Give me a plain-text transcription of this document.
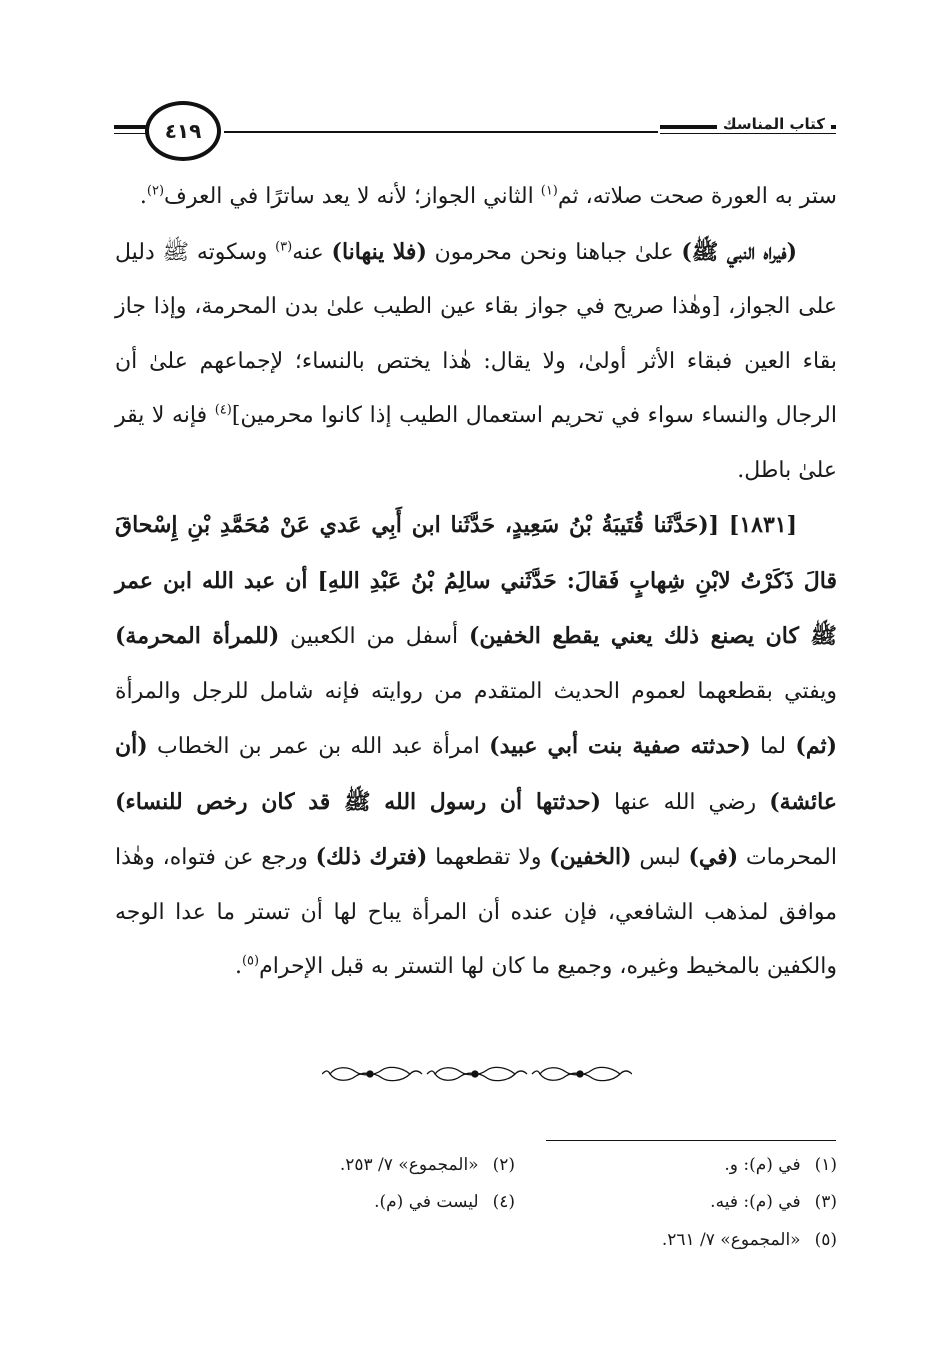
كتاب المناسك
٤١٩

ستر به العورة صحت صلاته، ثم$^{(١)}$ الثاني الجواز؛ لأنه لا يعد ساترًا في العرف$^{(٢)}$.

(فيراه النبي ﷺ) علىٰ جباهنا ونحن محرمون (فلا ينهانا) عنه$^{(٣)}$ وسكوته ﷺ دليل على الجواز، [وهٰذا صريح في جواز بقاء عين الطيب علىٰ بدن المحرمة، وإذا جاز بقاء العين فبقاء الأثر أولىٰ، ولا يقال: هٰذا يختص بالنساء؛ لإجماعهم علىٰ أن الرجال والنساء سواء في تحريم استعمال الطيب إذا كانوا محرمين]$^{(٤)}$ فإنه لا يقر علىٰ باطل.

[١٨٣١] [(حَدَّثَنا قُتَيبَةُ بْنُ سَعِيدٍ، حَدَّثَنا ابن أَبِي عَدي عَنْ مُحَمَّدِ بْنِ إِسْحاقَ قالَ ذَكَرْتُ لابْنِ شِهابٍ فَقالَ: حَدَّثَني سالِمُ بْنُ عَبْدِ اللهِ] أن عبد الله ابن عمر ﷺ كان يصنع ذلك يعني يقطع الخفين) أسفل من الكعبين (للمرأة المحرمة) ويفتي بقطعهما لعموم الحديث المتقدم من روايته فإنه شامل للرجل والمرأة (ثم) لما (حدثته صفية بنت أبي عبيد) امرأة عبد الله بن عمر بن الخطاب (أن عائشة) رضي الله عنها (حدثتها أن رسول الله ﷺ قد كان رخص للنساء) المحرمات (في) لبس (الخفين) ولا تقطعهما (فترك ذلك) ورجع عن فتواه، وهٰذا موافق لمذهب الشافعي، فإن عنده أن المرأة يباح لها أن تستر ما عدا الوجه والكفين بالمخيط وغيره، وجميع ما كان لها التستر به قبل الإحرام$^{(٥)}$.

(١)في (م): و.
(٢)«المجموع» ٧/ ٢٥٣.
(٣)في (م): فيه.
(٤)ليست في (م).
(٥)«المجموع» ٧/ ٢٦١.
